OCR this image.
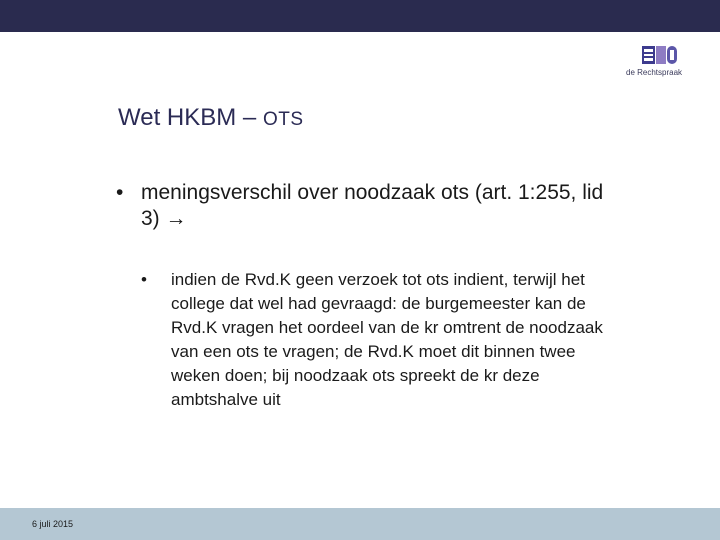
de Rechtspraak
Wet HKBM – OTS
• meningsverschil over noodzaak ots (art. 1:255, lid 3) →
• indien de Rvd.K geen verzoek tot ots indient, terwijl het college dat wel had gevraagd: de burgemeester kan de Rvd.K vragen het oordeel van de kr omtrent de noodzaak van een ots te vragen; de Rvd.K moet dit binnen twee weken doen; bij noodzaak ots spreekt de kr deze ambtshalve uit
6 juli 2015
